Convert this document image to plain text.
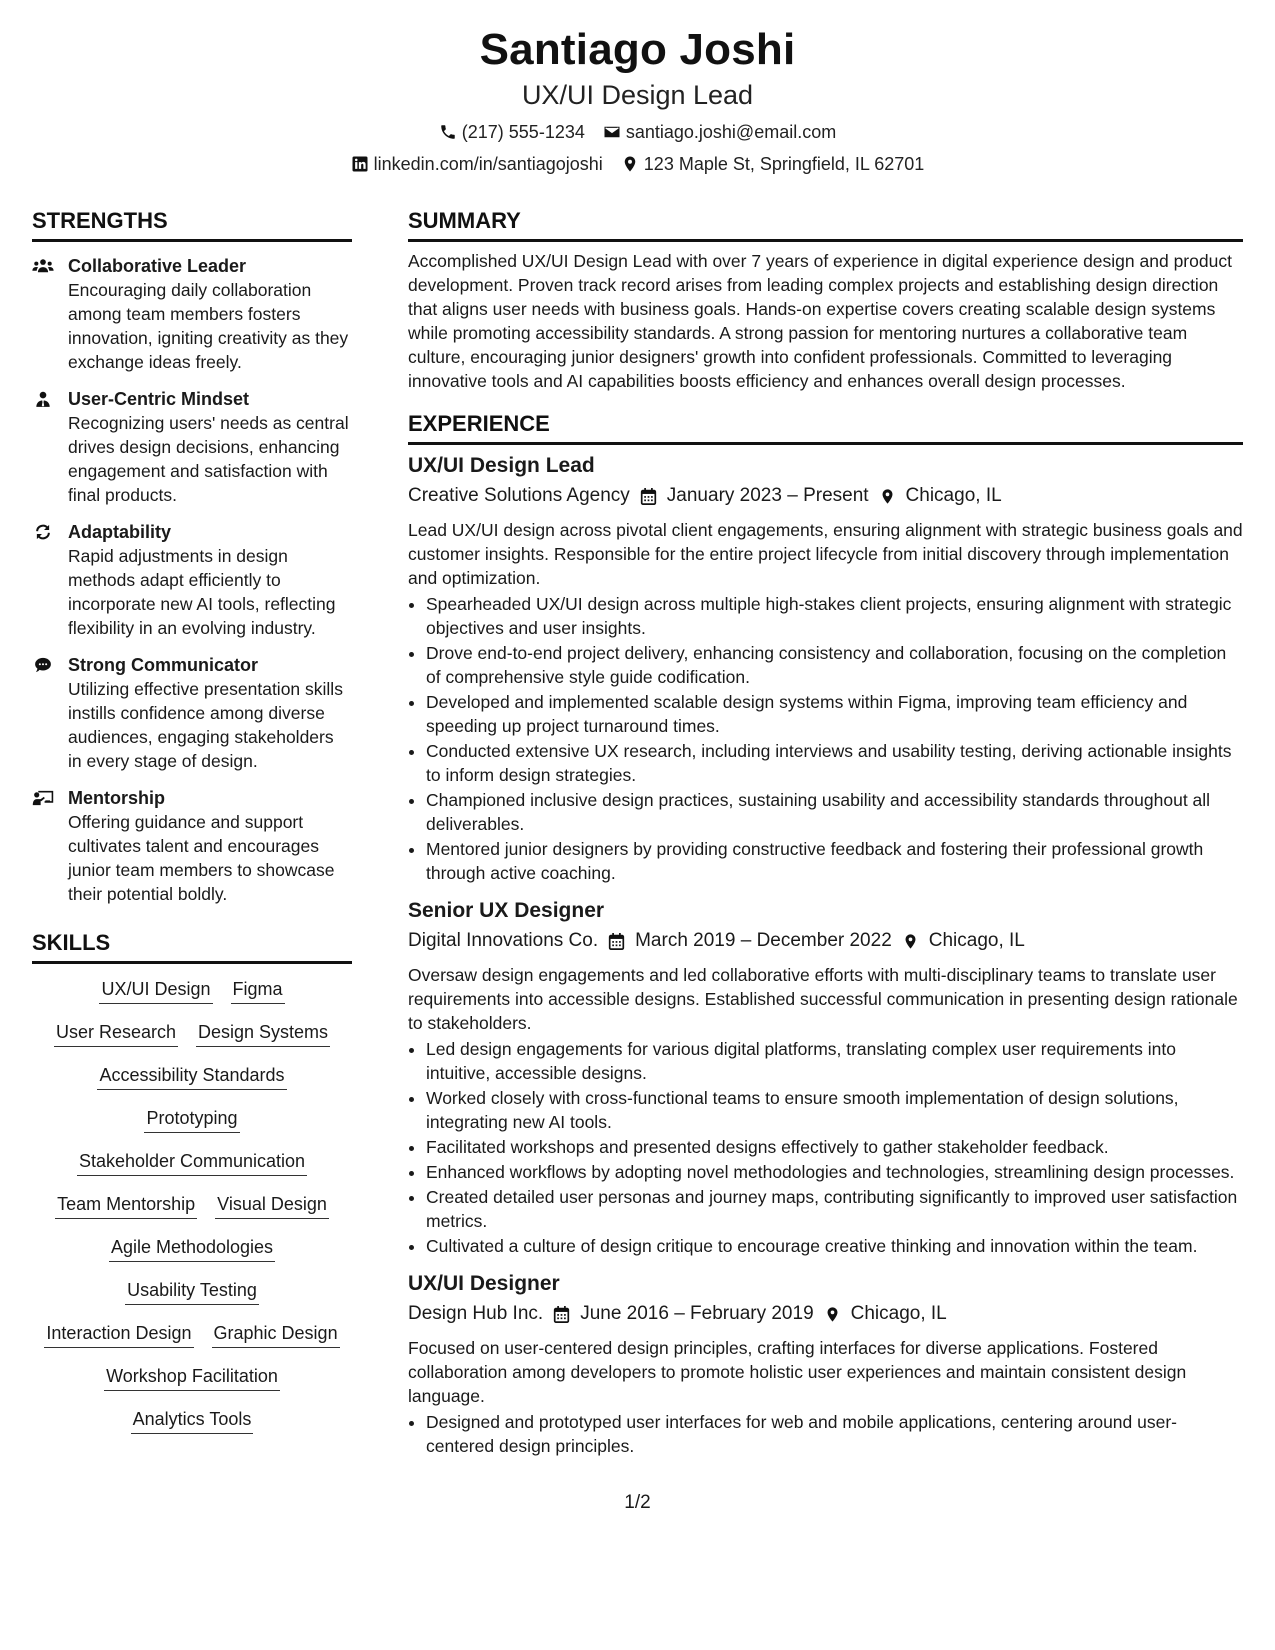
Santiago Joshi
UX/UI Design Lead
(217) 555-1234 santiago.joshi@email.com
linkedin.com/in/santiagojoshi 123 Maple St, Springfield, IL 62701
STRENGTHS
Collaborative Leader
Encouraging daily collaboration among team members fosters innovation, igniting creativity as they exchange ideas freely.
User-Centric Mindset
Recognizing users' needs as central drives design decisions, enhancing engagement and satisfaction with final products.
Adaptability
Rapid adjustments in design methods adapt efficiently to incorporate new AI tools, reflecting flexibility in an evolving industry.
Strong Communicator
Utilizing effective presentation skills instills confidence among diverse audiences, engaging stakeholders in every stage of design.
Mentorship
Offering guidance and support cultivates talent and encourages junior team members to showcase their potential boldly.
SKILLS
UX/UI Design Figma
User Research Design Systems
Accessibility Standards
Prototyping
Stakeholder Communication
Team Mentorship Visual Design
Agile Methodologies
Usability Testing
Interaction Design Graphic Design
Workshop Facilitation
Analytics Tools
SUMMARY
Accomplished UX/UI Design Lead with over 7 years of experience in digital experience design and product development. Proven track record arises from leading complex projects and establishing design direction that aligns user needs with business goals. Hands-on expertise covers creating scalable design systems while promoting accessibility standards. A strong passion for mentoring nurtures a collaborative team culture, encouraging junior designers' growth into confident professionals. Committed to leveraging innovative tools and AI capabilities boosts efficiency and enhances overall design processes.
EXPERIENCE
UX/UI Design Lead
Creative Solutions Agency January 2023 – Present Chicago, IL
Lead UX/UI design across pivotal client engagements, ensuring alignment with strategic business goals and customer insights. Responsible for the entire project lifecycle from initial discovery through implementation and optimization.
• Spearheaded UX/UI design across multiple high-stakes client projects, ensuring alignment with strategic objectives and user insights.
• Drove end-to-end project delivery, enhancing consistency and collaboration, focusing on the completion of comprehensive style guide codification.
• Developed and implemented scalable design systems within Figma, improving team efficiency and speeding up project turnaround times.
• Conducted extensive UX research, including interviews and usability testing, deriving actionable insights to inform design strategies.
• Championed inclusive design practices, sustaining usability and accessibility standards throughout all deliverables.
• Mentored junior designers by providing constructive feedback and fostering their professional growth through active coaching.
Senior UX Designer
Digital Innovations Co. March 2019 – December 2022 Chicago, IL
Oversaw design engagements and led collaborative efforts with multi-disciplinary teams to translate user requirements into accessible designs. Established successful communication in presenting design rationale to stakeholders.
• Led design engagements for various digital platforms, translating complex user requirements into intuitive, accessible designs.
• Worked closely with cross-functional teams to ensure smooth implementation of design solutions, integrating new AI tools.
• Facilitated workshops and presented designs effectively to gather stakeholder feedback.
• Enhanced workflows by adopting novel methodologies and technologies, streamlining design processes.
• Created detailed user personas and journey maps, contributing significantly to improved user satisfaction metrics.
• Cultivated a culture of design critique to encourage creative thinking and innovation within the team.
UX/UI Designer
Design Hub Inc. June 2016 – February 2019 Chicago, IL
Focused on user-centered design principles, crafting interfaces for diverse applications. Fostered collaboration among developers to promote holistic user experiences and maintain consistent design language.
• Designed and prototyped user interfaces for web and mobile applications, centering around user-centered design principles.
1/2
